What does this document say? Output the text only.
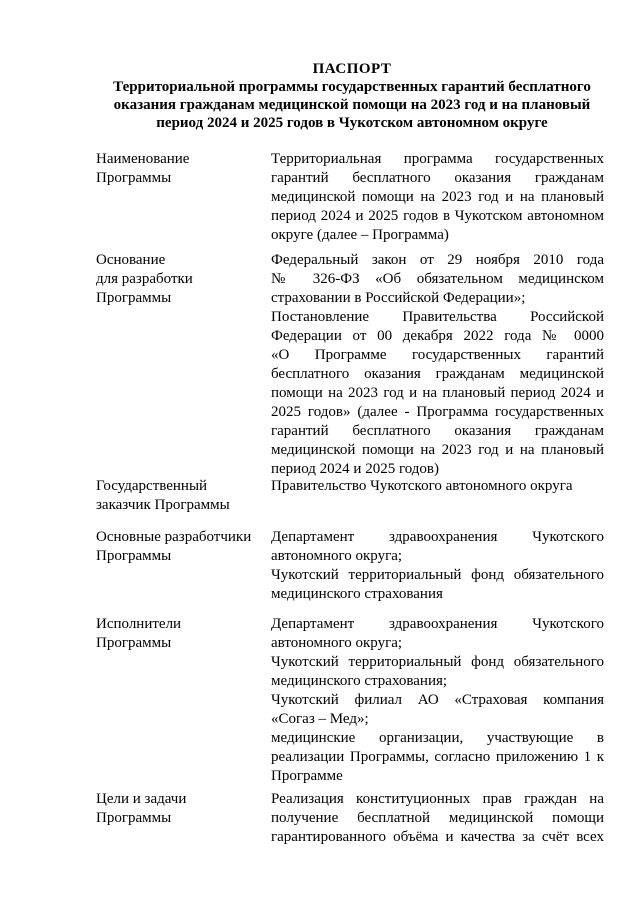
ПАСПОРТ
Территориальной программы государственных гарантий бесплатного
оказания гражданам медицинской помощи на 2023 год и на плановый
период 2024 и 2025 годов в Чукотском автономном округе
Наименование
Программы
Территориальная программа государственных
гарантий бесплатного оказания гражданам
медицинской помощи на 2023 год и на плановый
период 2024 и 2025 годов в Чукотском автономном
округе (далее – Программа)
Основание
для разработки
Программы
Федеральный закон от 29 ноября 2010 года
№ 326-ФЗ «Об обязательном медицинском
страховании в Российской Федерации»;
Постановление Правительства Российской
Федерации от 00 декабря 2022 года № 0000
«О Программе государственных гарантий
бесплатного оказания гражданам медицинской
помощи на 2023 год и на плановый период 2024 и
2025 годов» (далее - Программа государственных
гарантий бесплатного оказания гражданам
медицинской помощи на 2023 год и на плановый
период 2024 и 2025 годов)
Государственный
заказчик Программы
Правительство Чукотского автономного округа
Основные разработчики
Программы
Департамент здравоохранения Чукотского
автономного округа;
Чукотский территориальный фонд обязательного
медицинского страхования
Исполнители
Программы
Департамент здравоохранения Чукотского
автономного округа;
Чукотский территориальный фонд обязательного
медицинского страхования;
Чукотский филиал АО «Страховая компания
«Согаз – Мед»;
медицинские организации, участвующие в
реализации Программы, согласно приложению 1 к
Программе
Цели и задачи
Программы
Реализация конституционных прав граждан на
получение бесплатной медицинской помощи
гарантированного объёма и качества за счёт всех
